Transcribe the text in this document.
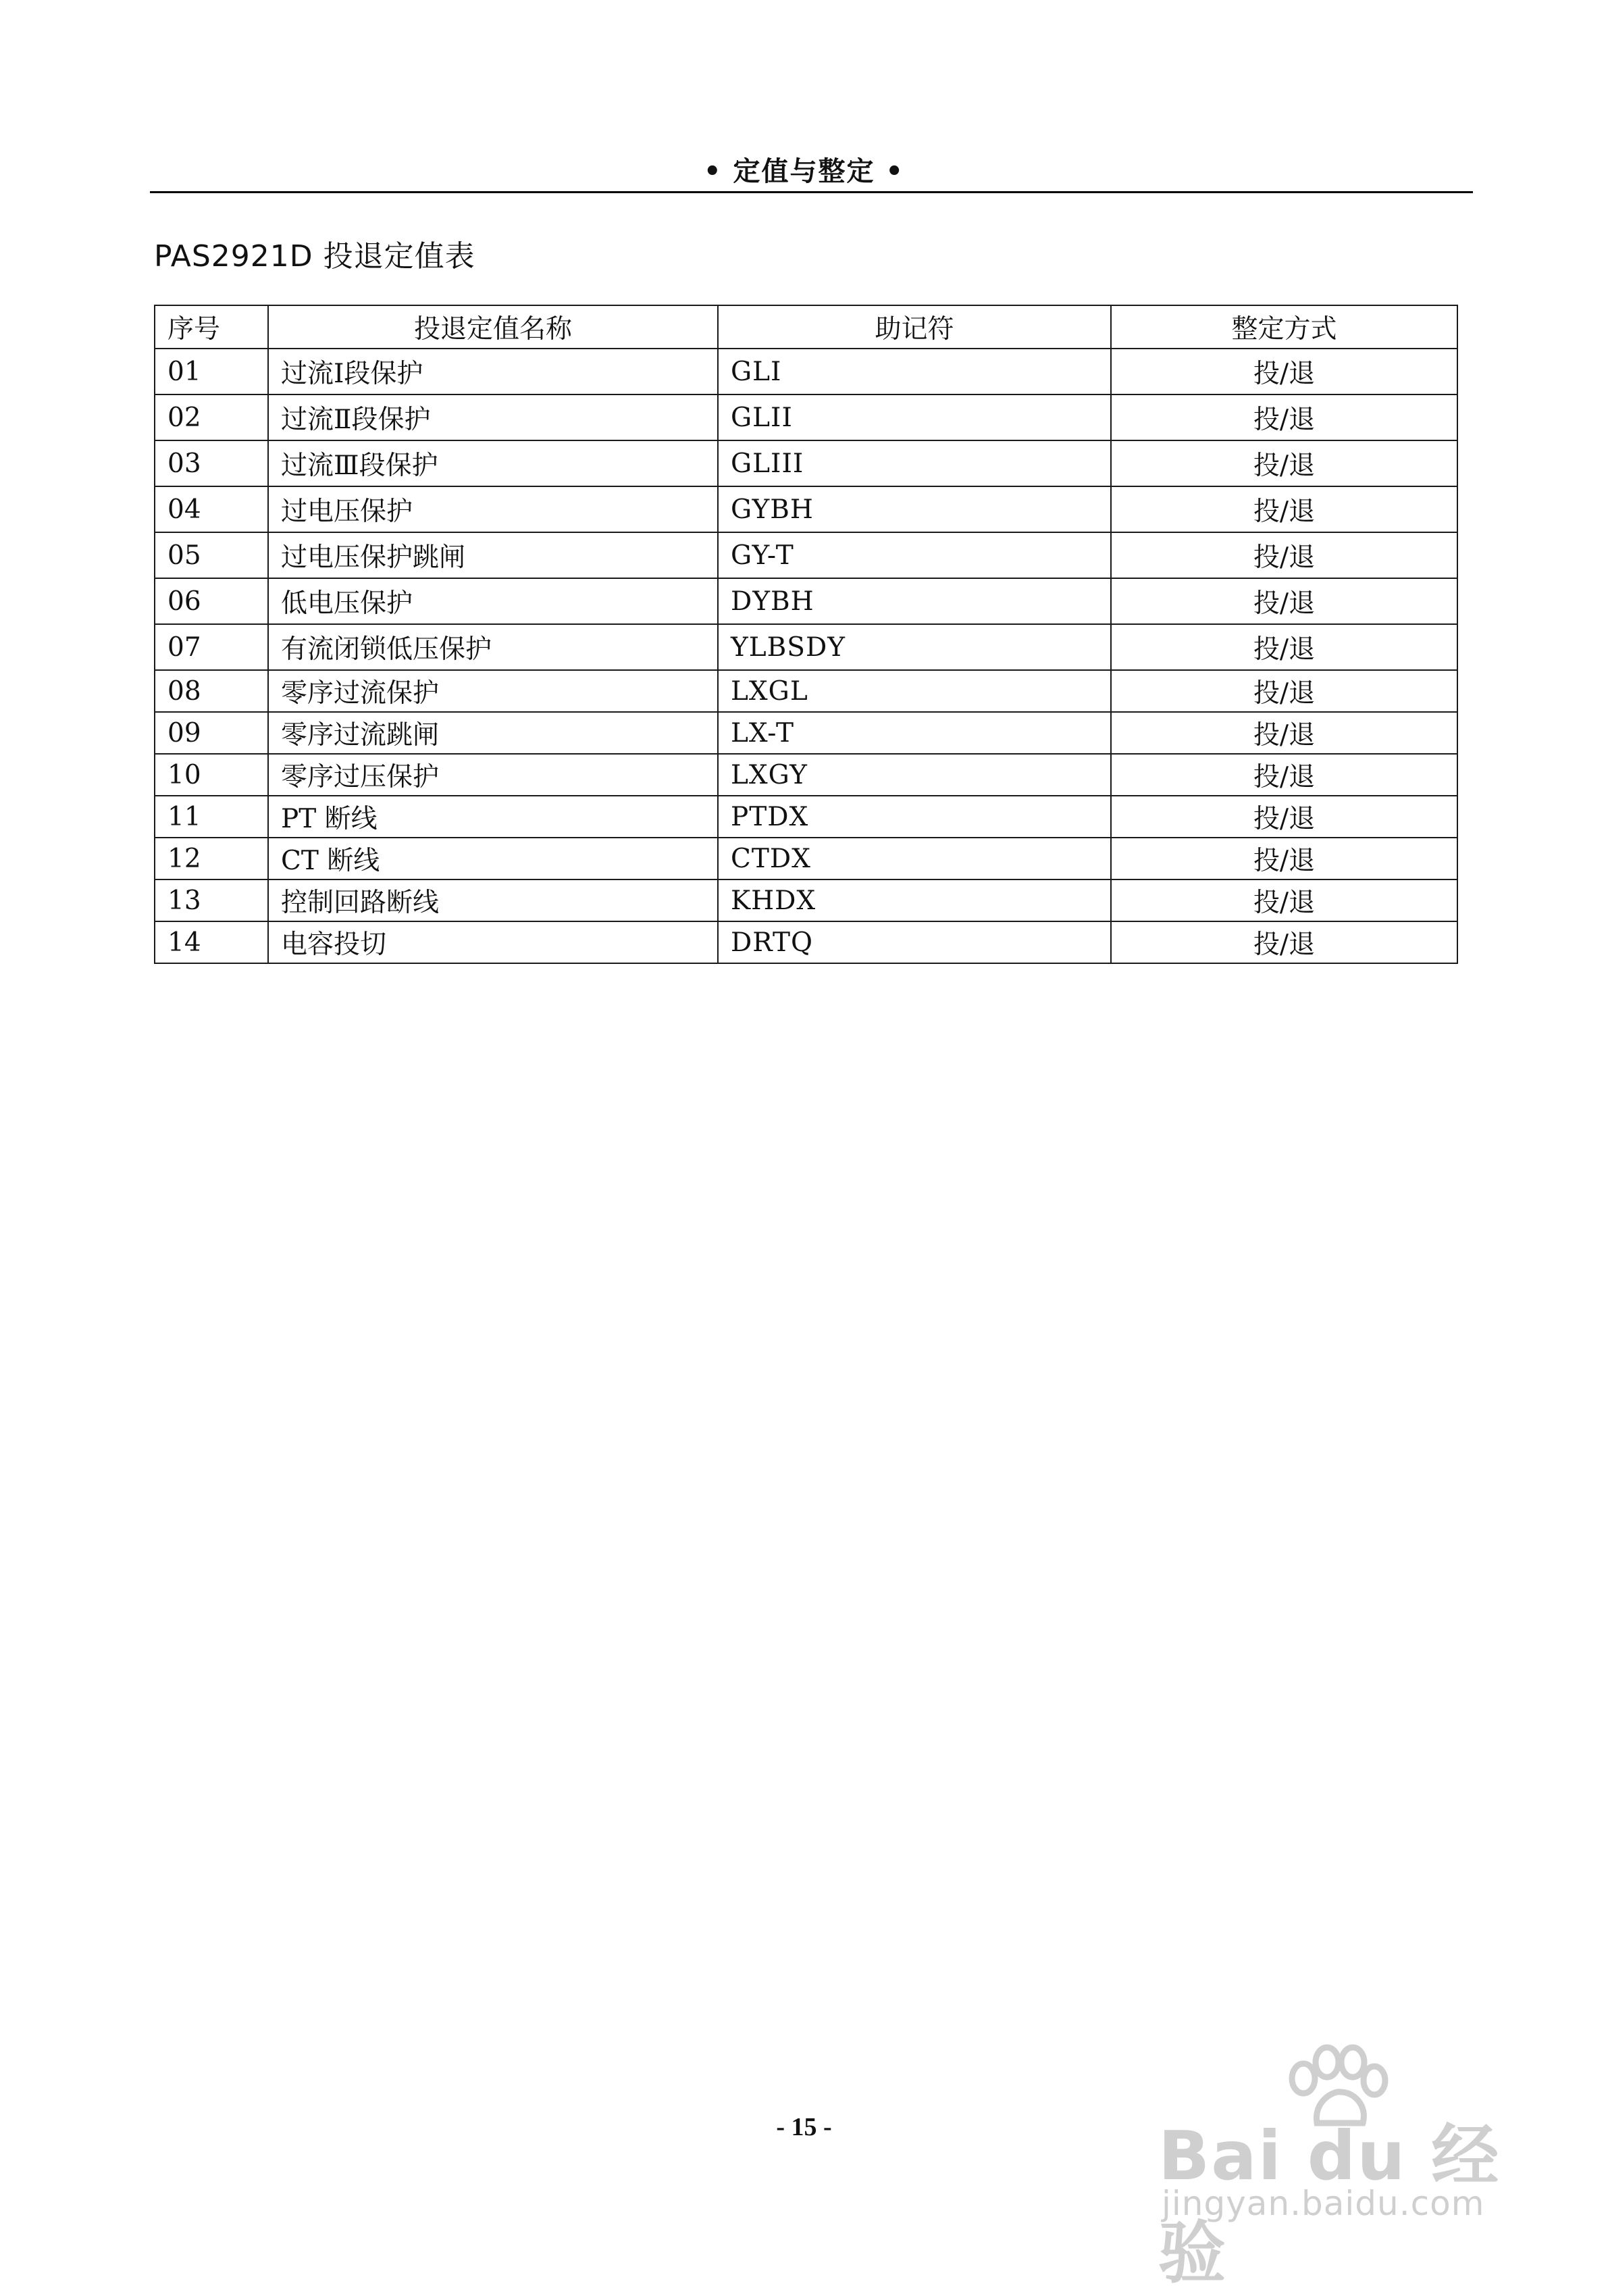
• 定值与整定 •
PAS2921D 投退定值表
序号	投退定值名称	助记符	整定方式
01	过流Ⅰ段保护	GLI	投/退
02	过流Ⅱ段保护	GLII	投/退
03	过流Ⅲ段保护	GLIII	投/退
04	过电压保护	GYBH	投/退
05	过电压保护跳闸	GY-T	投/退
06	低电压保护	DYBH	投/退
07	有流闭锁低压保护	YLBSDY	投/退
08	零序过流保护	LXGL	投/退
09	零序过流跳闸	LX-T	投/退
10	零序过压保护	LXGY	投/退
11	PT 断线	PTDX	投/退
12	CT 断线	CTDX	投/退
13	控制回路断线	KHDX	投/退
14	电容投切	DRTQ	投/退
- 15 -	Bai du 经验
jingyan.baidu.com
